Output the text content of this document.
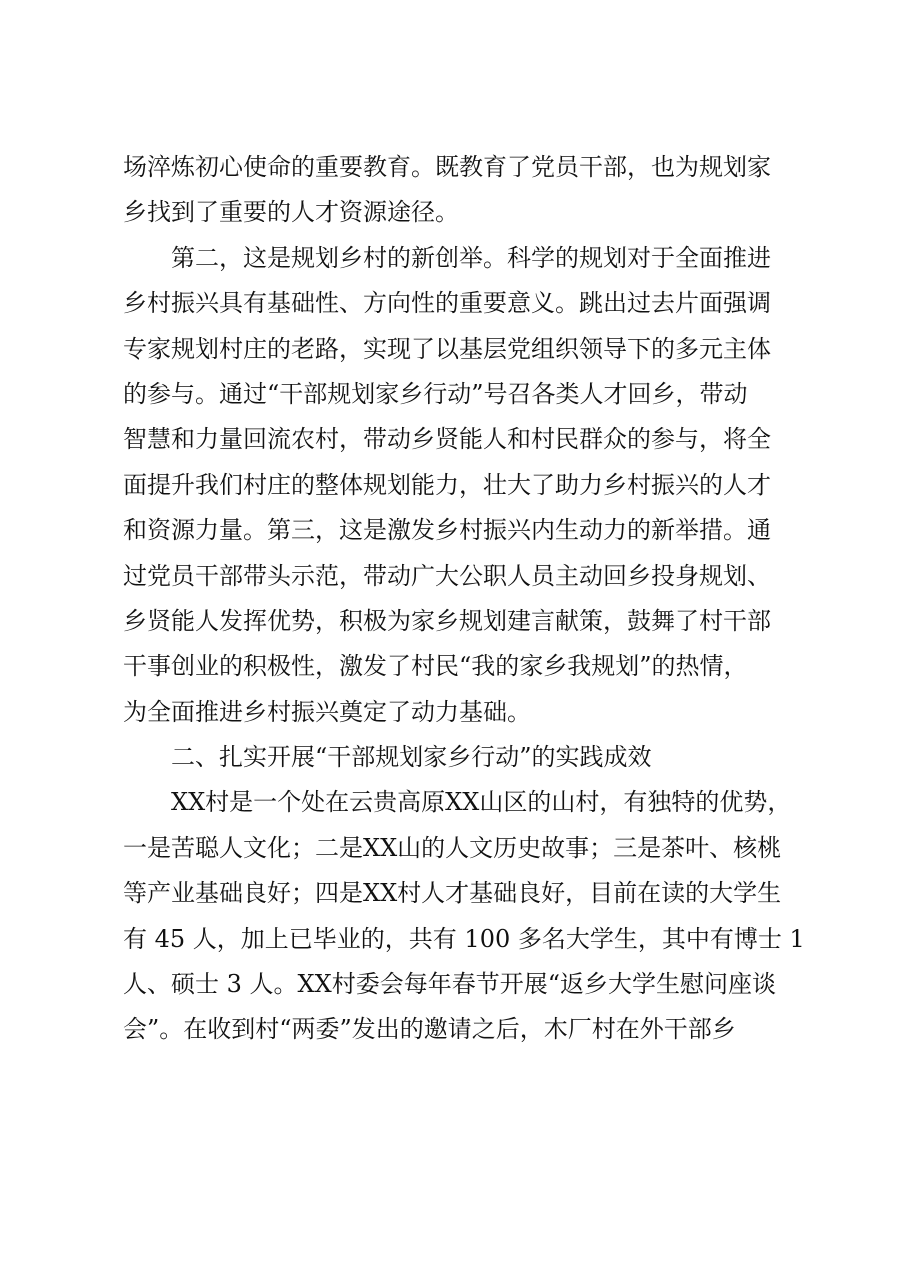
场淬炼初心使命的重要教育。既教育了党员干部，也为规划家
乡找到了重要的人才资源途径。
第二，这是规划乡村的新创举。科学的规划对于全面推进
乡村振兴具有基础性、方向性的重要意义。跳出过去片面强调
专家规划村庄的老路，实现了以基层党组织领导下的多元主体
的参与。通过“干部规划家乡行动”号召各类人才回乡，带动
智慧和力量回流农村，带动乡贤能人和村民群众的参与，将全
面提升我们村庄的整体规划能力，壮大了助力乡村振兴的人才
和资源力量。第三，这是激发乡村振兴内生动力的新举措。通
过党员干部带头示范，带动广大公职人员主动回乡投身规划、
乡贤能人发挥优势，积极为家乡规划建言献策，鼓舞了村干部
干事创业的积极性，激发了村民“我的家乡我规划”的热情，
为全面推进乡村振兴奠定了动力基础。
二、扎实开展“干部规划家乡行动”的实践成效
XX村是一个处在云贵高原XX山区的山村，有独特的优势，
一是苦聪人文化；二是XX山的人文历史故事；三是茶叶、核桃
等产业基础良好；四是XX村人才基础良好，目前在读的大学生
有 45 人，加上已毕业的，共有 100 多名大学生，其中有博士 1
人、硕士 3 人。XX村委会每年春节开展“返乡大学生慰问座谈
会”。在收到村“两委”发出的邀请之后，木厂村在外干部乡
